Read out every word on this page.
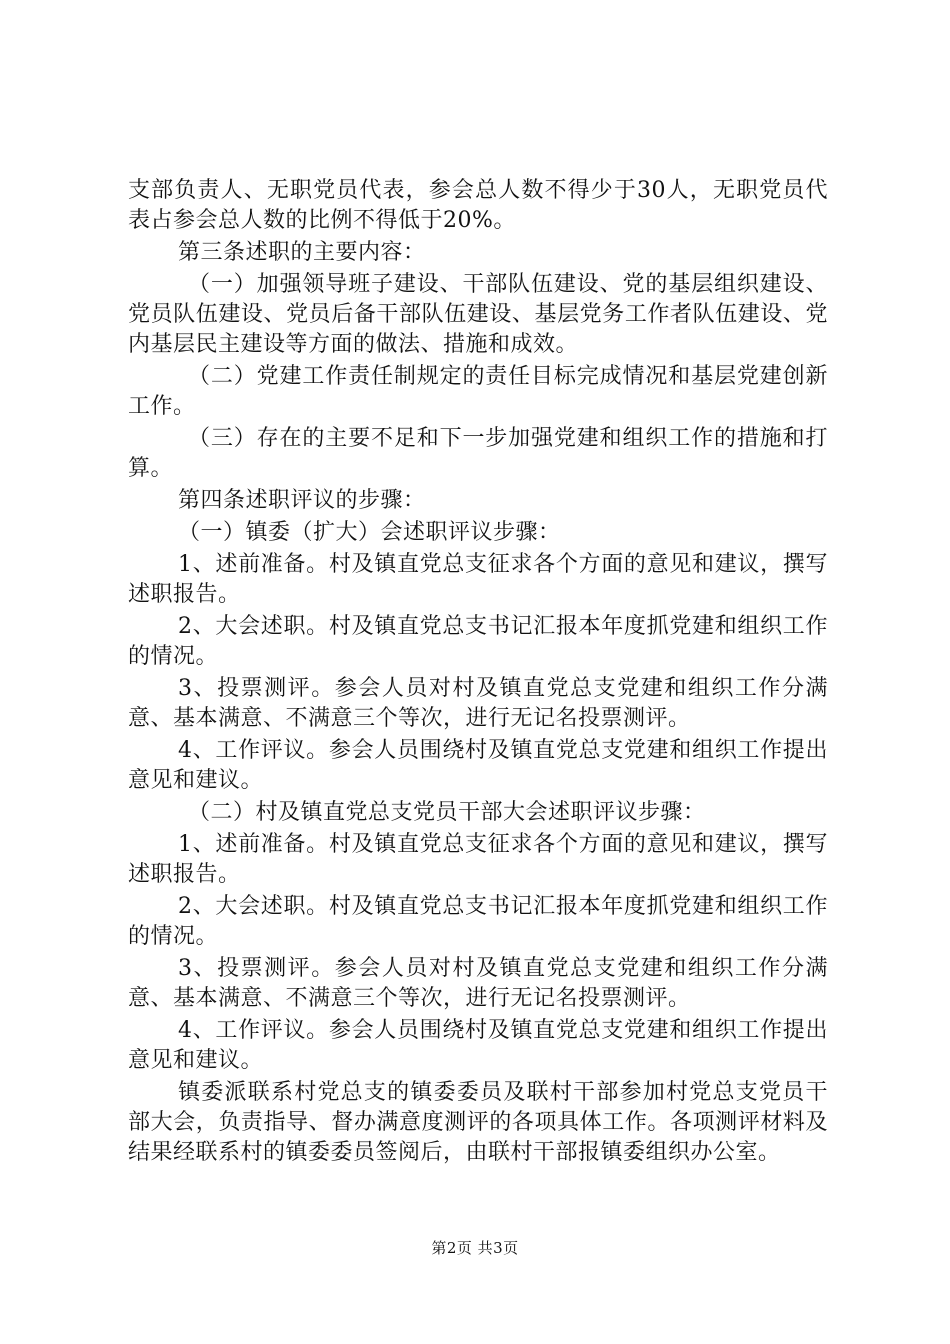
支部负责人、无职党员代表，参会总人数不得少于30人，无职党员代表占参会总人数的比例不得低于20%。

第三条述职的主要内容：

（一）加强领导班子建设、干部队伍建设、党的基层组织建设、党员队伍建设、党员后备干部队伍建设、基层党务工作者队伍建设、党内基层民主建设等方面的做法、措施和成效。

（二）党建工作责任制规定的责任目标完成情况和基层党建创新工作。

（三）存在的主要不足和下一步加强党建和组织工作的措施和打算。

第四条述职评议的步骤：

（一）镇委（扩大）会述职评议步骤：

1、述前准备。村及镇直党总支征求各个方面的意见和建议，撰写述职报告。

2、大会述职。村及镇直党总支书记汇报本年度抓党建和组织工作的情况。

3、投票测评。参会人员对村及镇直党总支党建和组织工作分满意、基本满意、不满意三个等次，进行无记名投票测评。

4、工作评议。参会人员围绕村及镇直党总支党建和组织工作提出意见和建议。

（二）村及镇直党总支党员干部大会述职评议步骤：

1、述前准备。村及镇直党总支征求各个方面的意见和建议，撰写述职报告。

2、大会述职。村及镇直党总支书记汇报本年度抓党建和组织工作的情况。

3、投票测评。参会人员对村及镇直党总支党建和组织工作分满意、基本满意、不满意三个等次，进行无记名投票测评。

4、工作评议。参会人员围绕村及镇直党总支党建和组织工作提出意见和建议。

镇委派联系村党总支的镇委委员及联村干部参加村党总支党员干部大会，负责指导、督办满意度测评的各项具体工作。各项测评材料及结果经联系村的镇委委员签阅后，由联村干部报镇委组织办公室。

第2页 共3页
